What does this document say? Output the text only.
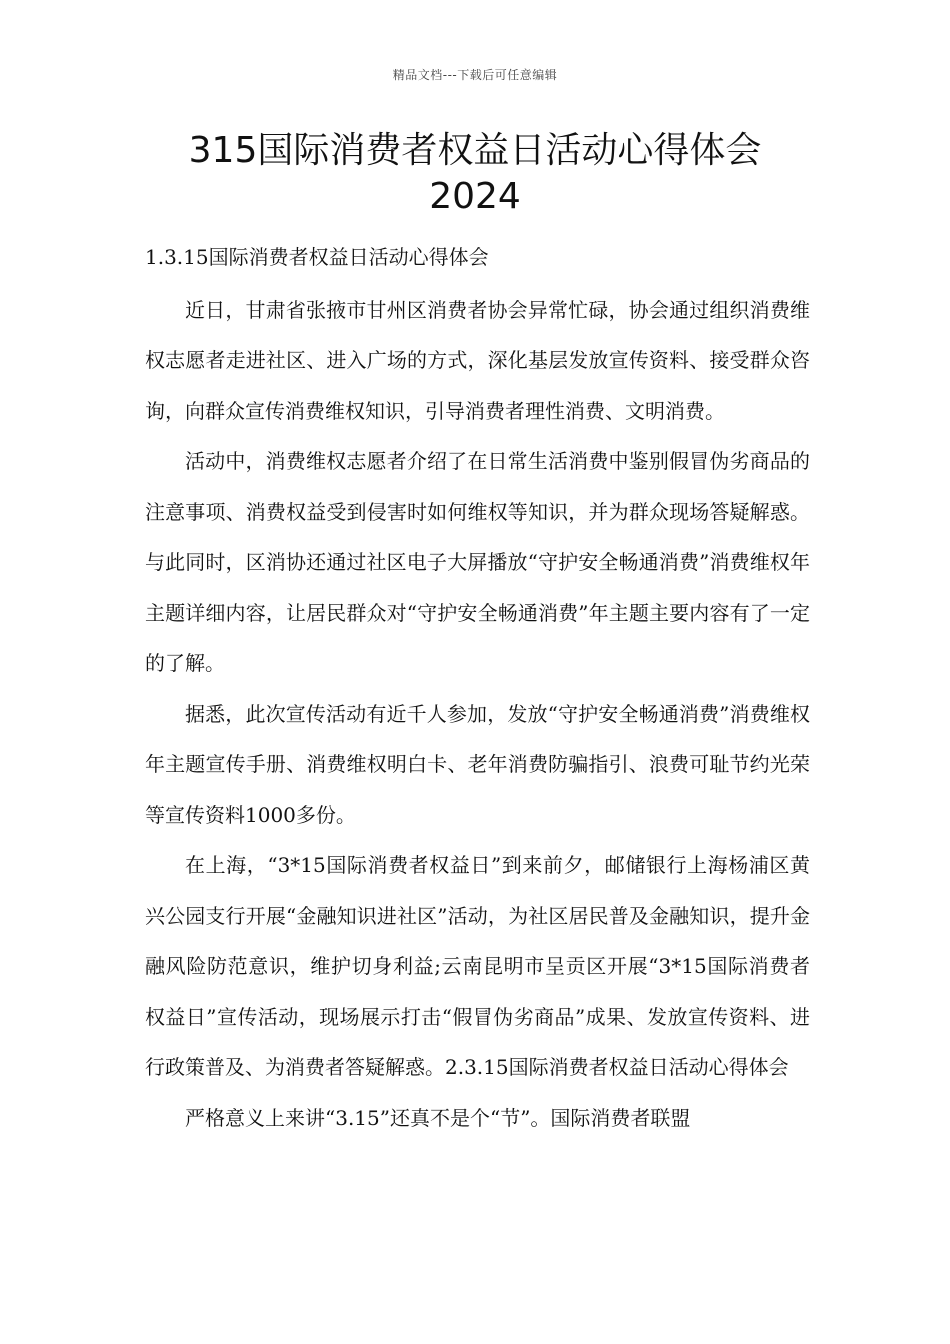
精品文档---下载后可任意编辑
315国际消费者权益日活动心得体会
2024

1.3.15国际消费者权益日活动心得体会

近日，甘肃省张掖市甘州区消费者协会异常忙碌，协会通过组织消费维权志愿者走进社区、进入广场的方式，深化基层发放宣传资料、接受群众咨询，向群众宣传消费维权知识，引导消费者理性消费、文明消费。

活动中，消费维权志愿者介绍了在日常生活消费中鉴别假冒伪劣商品的注意事项、消费权益受到侵害时如何维权等知识，并为群众现场答疑解惑。与此同时，区消协还通过社区电子大屏播放“守护安全畅通消费”消费维权年主题详细内容，让居民群众对“守护安全畅通消费”年主题主要内容有了一定的了解。

据悉，此次宣传活动有近千人参加，发放“守护安全畅通消费”消费维权年主题宣传手册、消费维权明白卡、老年消费防骗指引、浪费可耻节约光荣等宣传资料1000多份。

在上海，“3*15国际消费者权益日”到来前夕，邮储银行上海杨浦区黄兴公园支行开展“金融知识进社区”活动，为社区居民普及金融知识，提升金融风险防范意识，维护切身利益;云南昆明市呈贡区开展“3*15国际消费者权益日”宣传活动，现场展示打击“假冒伪劣商品”成果、发放宣传资料、进行政策普及、为消费者答疑解惑。2.3.15国际消费者权益日活动心得体会

严格意义上来讲“3.15”还真不是个“节”。国际消费者联盟
